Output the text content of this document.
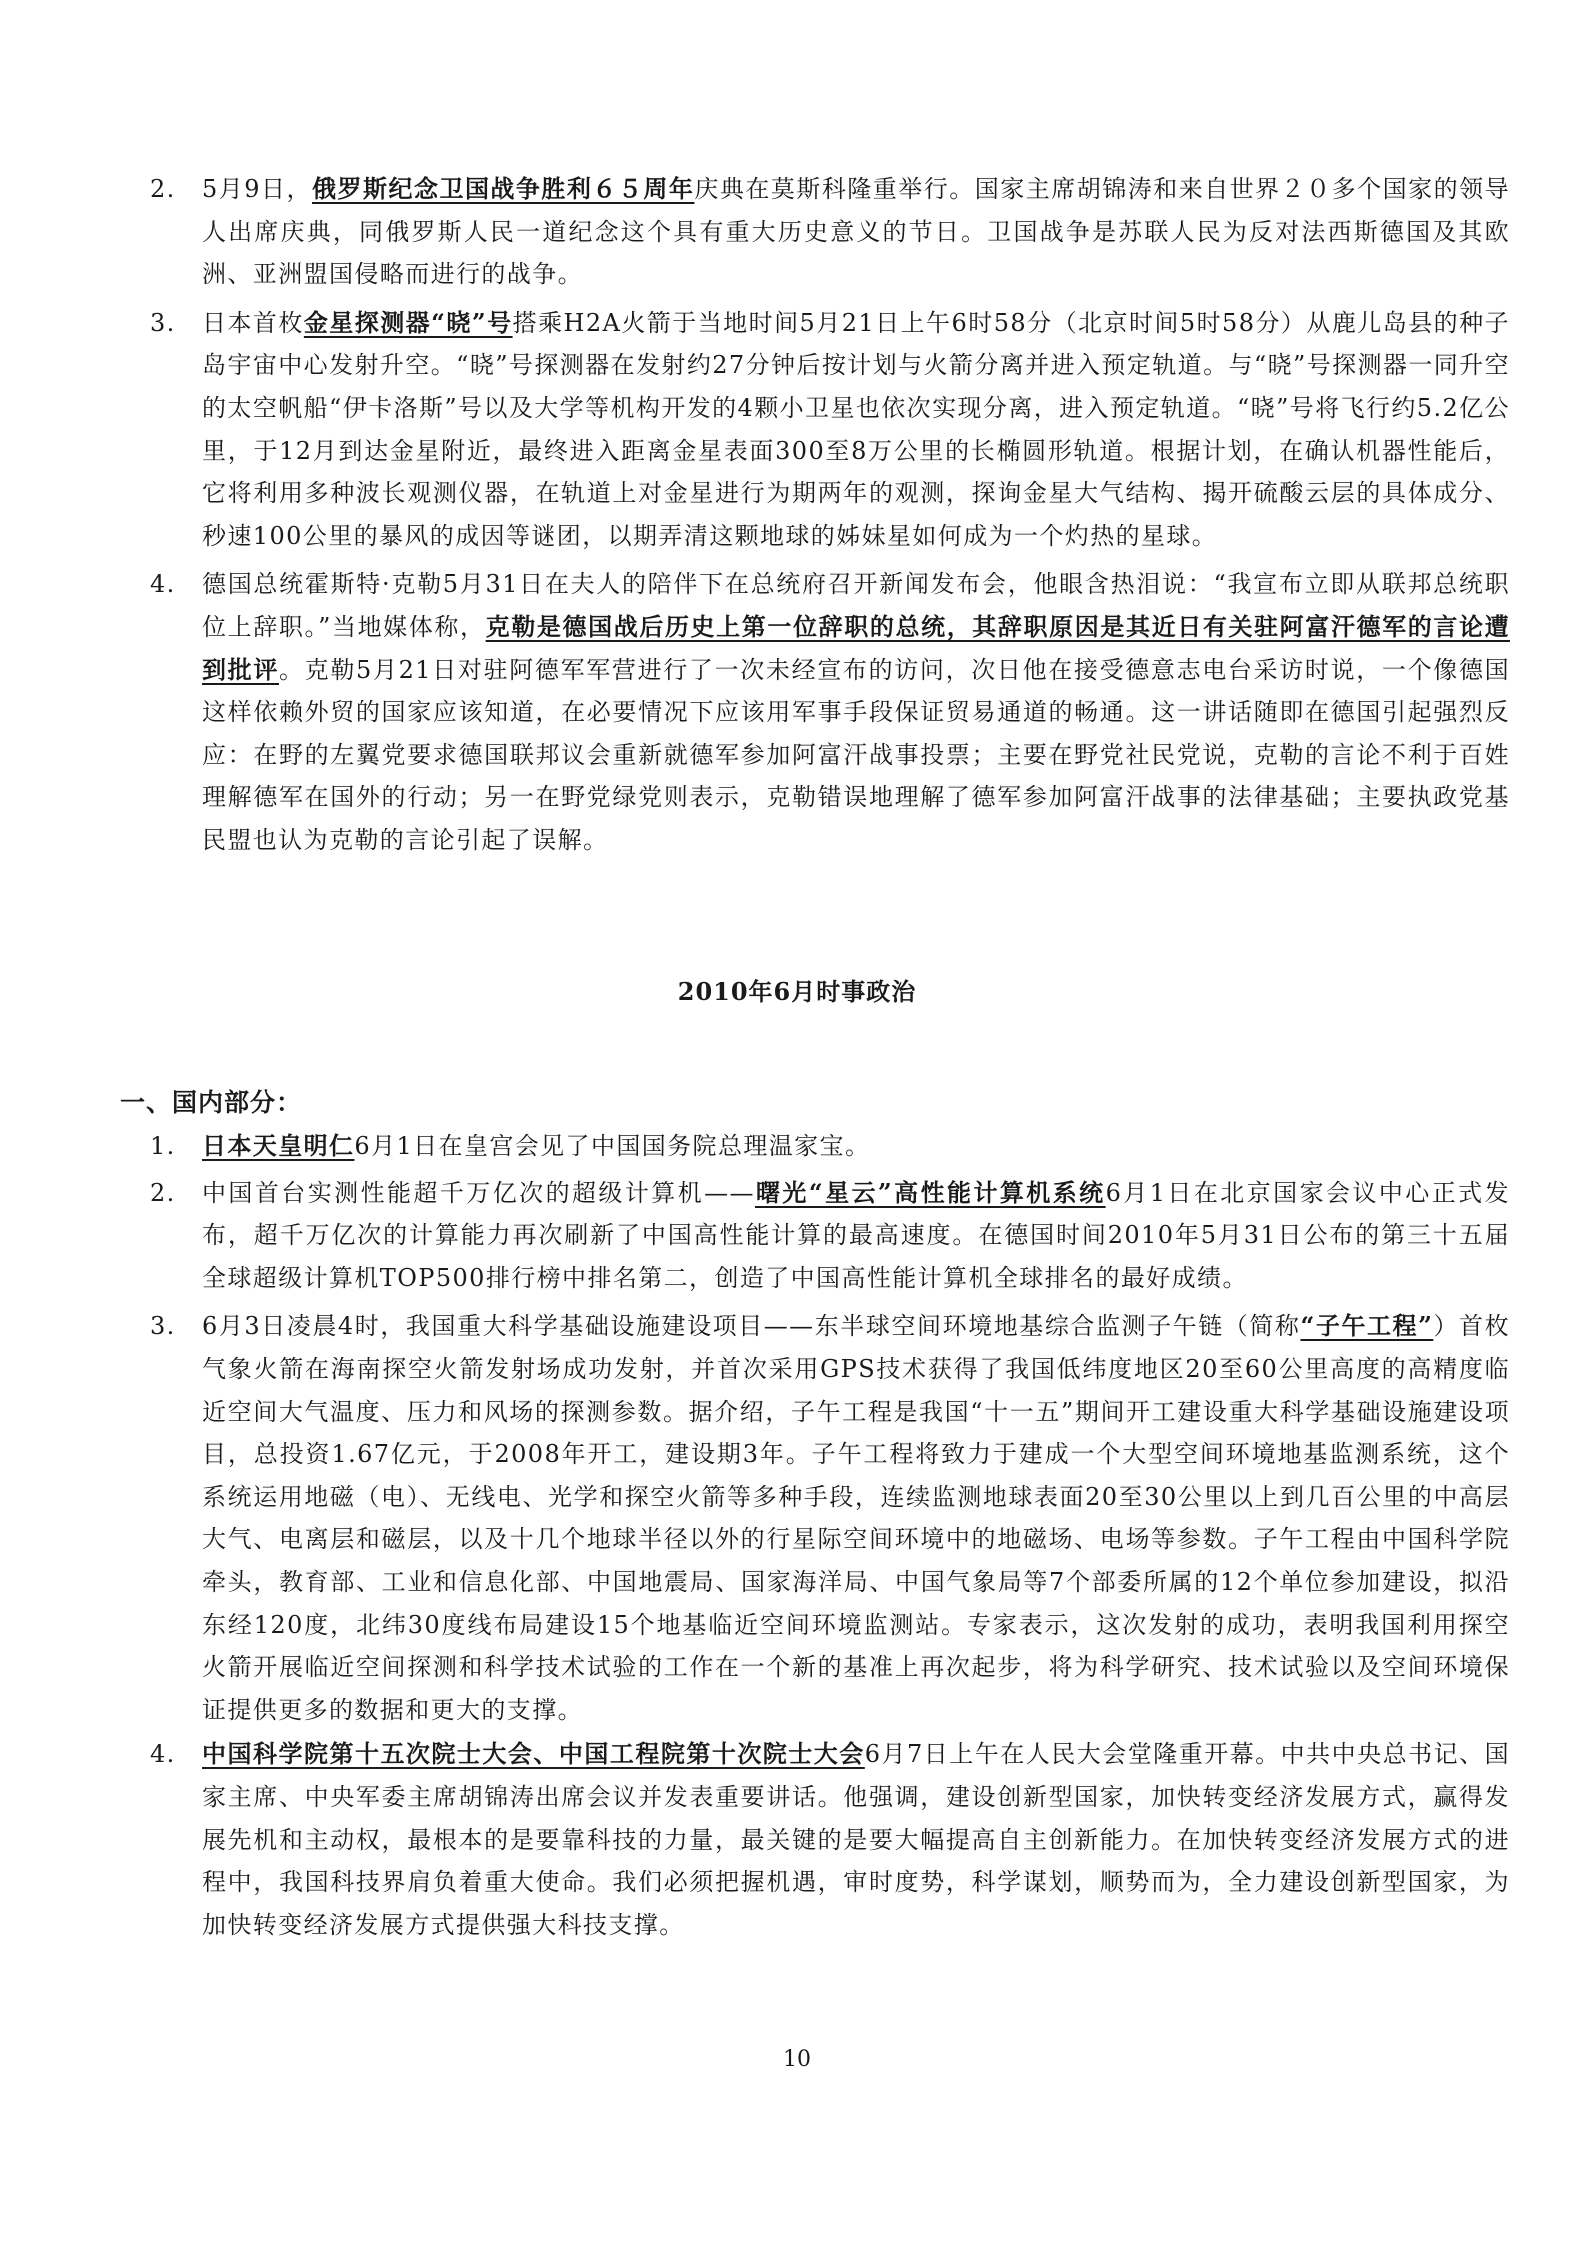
2.	5月9日，俄罗斯纪念卫国战争胜利６５周年庆典在莫斯科隆重举行。国家主席胡锦涛和来自世界２０多个国家的领导人出席庆典，同俄罗斯人民一道纪念这个具有重大历史意义的节日。卫国战争是苏联人民为反对法西斯德国及其欧洲、亚洲盟国侵略而进行的战争。
3.	日本首枚金星探测器“晓”号搭乘H2A火箭于当地时间5月21日上午6时58分（北京时间5时58分）从鹿儿岛县的种子岛宇宙中心发射升空。“晓”号探测器在发射约27分钟后按计划与火箭分离并进入预定轨道。与“晓”号探测器一同升空的太空帆船“伊卡洛斯”号以及大学等机构开发的4颗小卫星也依次实现分离，进入预定轨道。“晓”号将飞行约5.2亿公里，于12月到达金星附近，最终进入距离金星表面300至8万公里的长椭圆形轨道。根据计划，在确认机器性能后，它将利用多种波长观测仪器，在轨道上对金星进行为期两年的观测，探询金星大气结构、揭开硫酸云层的具体成分、秒速100公里的暴风的成因等谜团，以期弄清这颗地球的姊妹星如何成为一个灼热的星球。
4.	德国总统霍斯特·克勒5月31日在夫人的陪伴下在总统府召开新闻发布会，他眼含热泪说：“我宣布立即从联邦总统职位上辞职。”当地媒体称，克勒是德国战后历史上第一位辞职的总统，其辞职原因是其近日有关驻阿富汗德军的言论遭到批评。克勒5月21日对驻阿德军军营进行了一次未经宣布的访问，次日他在接受德意志电台采访时说，一个像德国这样依赖外贸的国家应该知道，在必要情况下应该用军事手段保证贸易通道的畅通。这一讲话随即在德国引起强烈反应：在野的左翼党要求德国联邦议会重新就德军参加阿富汗战事投票；主要在野党社民党说，克勒的言论不利于百姓理解德军在国外的行动；另一在野党绿党则表示，克勒错误地理解了德军参加阿富汗战事的法律基础；主要执政党基民盟也认为克勒的言论引起了误解。
2010年6月时事政治
一、国内部分：
1.	日本天皇明仁6月1日在皇宫会见了中国国务院总理温家宝。
2.	中国首台实测性能超千万亿次的超级计算机——曙光“星云”高性能计算机系统6月1日在北京国家会议中心正式发布，超千万亿次的计算能力再次刷新了中国高性能计算的最高速度。在德国时间2010年5月31日公布的第三十五届全球超级计算机TOP500排行榜中排名第二，创造了中国高性能计算机全球排名的最好成绩。
3.	6月3日凌晨4时，我国重大科学基础设施建设项目——东半球空间环境地基综合监测子午链（简称“子午工程”）首枚气象火箭在海南探空火箭发射场成功发射，并首次采用GPS技术获得了我国低纬度地区20至60公里高度的高精度临近空间大气温度、压力和风场的探测参数。据介绍，子午工程是我国“十一五”期间开工建设重大科学基础设施建设项目，总投资1.67亿元，于2008年开工，建设期3年。子午工程将致力于建成一个大型空间环境地基监测系统，这个系统运用地磁（电）、无线电、光学和探空火箭等多种手段，连续监测地球表面20至30公里以上到几百公里的中高层大气、电离层和磁层，以及十几个地球半径以外的行星际空间环境中的地磁场、电场等参数。子午工程由中国科学院牵头，教育部、工业和信息化部、中国地震局、国家海洋局、中国气象局等7个部委所属的12个单位参加建设，拟沿东经120度，北纬30度线布局建设15个地基临近空间环境监测站。专家表示，这次发射的成功，表明我国利用探空火箭开展临近空间探测和科学技术试验的工作在一个新的基准上再次起步，将为科学研究、技术试验以及空间环境保证提供更多的数据和更大的支撑。
4.	中国科学院第十五次院士大会、中国工程院第十次院士大会6月7日上午在人民大会堂隆重开幕。中共中央总书记、国家主席、中央军委主席胡锦涛出席会议并发表重要讲话。他强调，建设创新型国家，加快转变经济发展方式，赢得发展先机和主动权，最根本的是要靠科技的力量，最关键的是要大幅提高自主创新能力。在加快转变经济发展方式的进程中，我国科技界肩负着重大使命。我们必须把握机遇，审时度势，科学谋划，顺势而为，全力建设创新型国家，为加快转变经济发展方式提供强大科技支撑。
10
